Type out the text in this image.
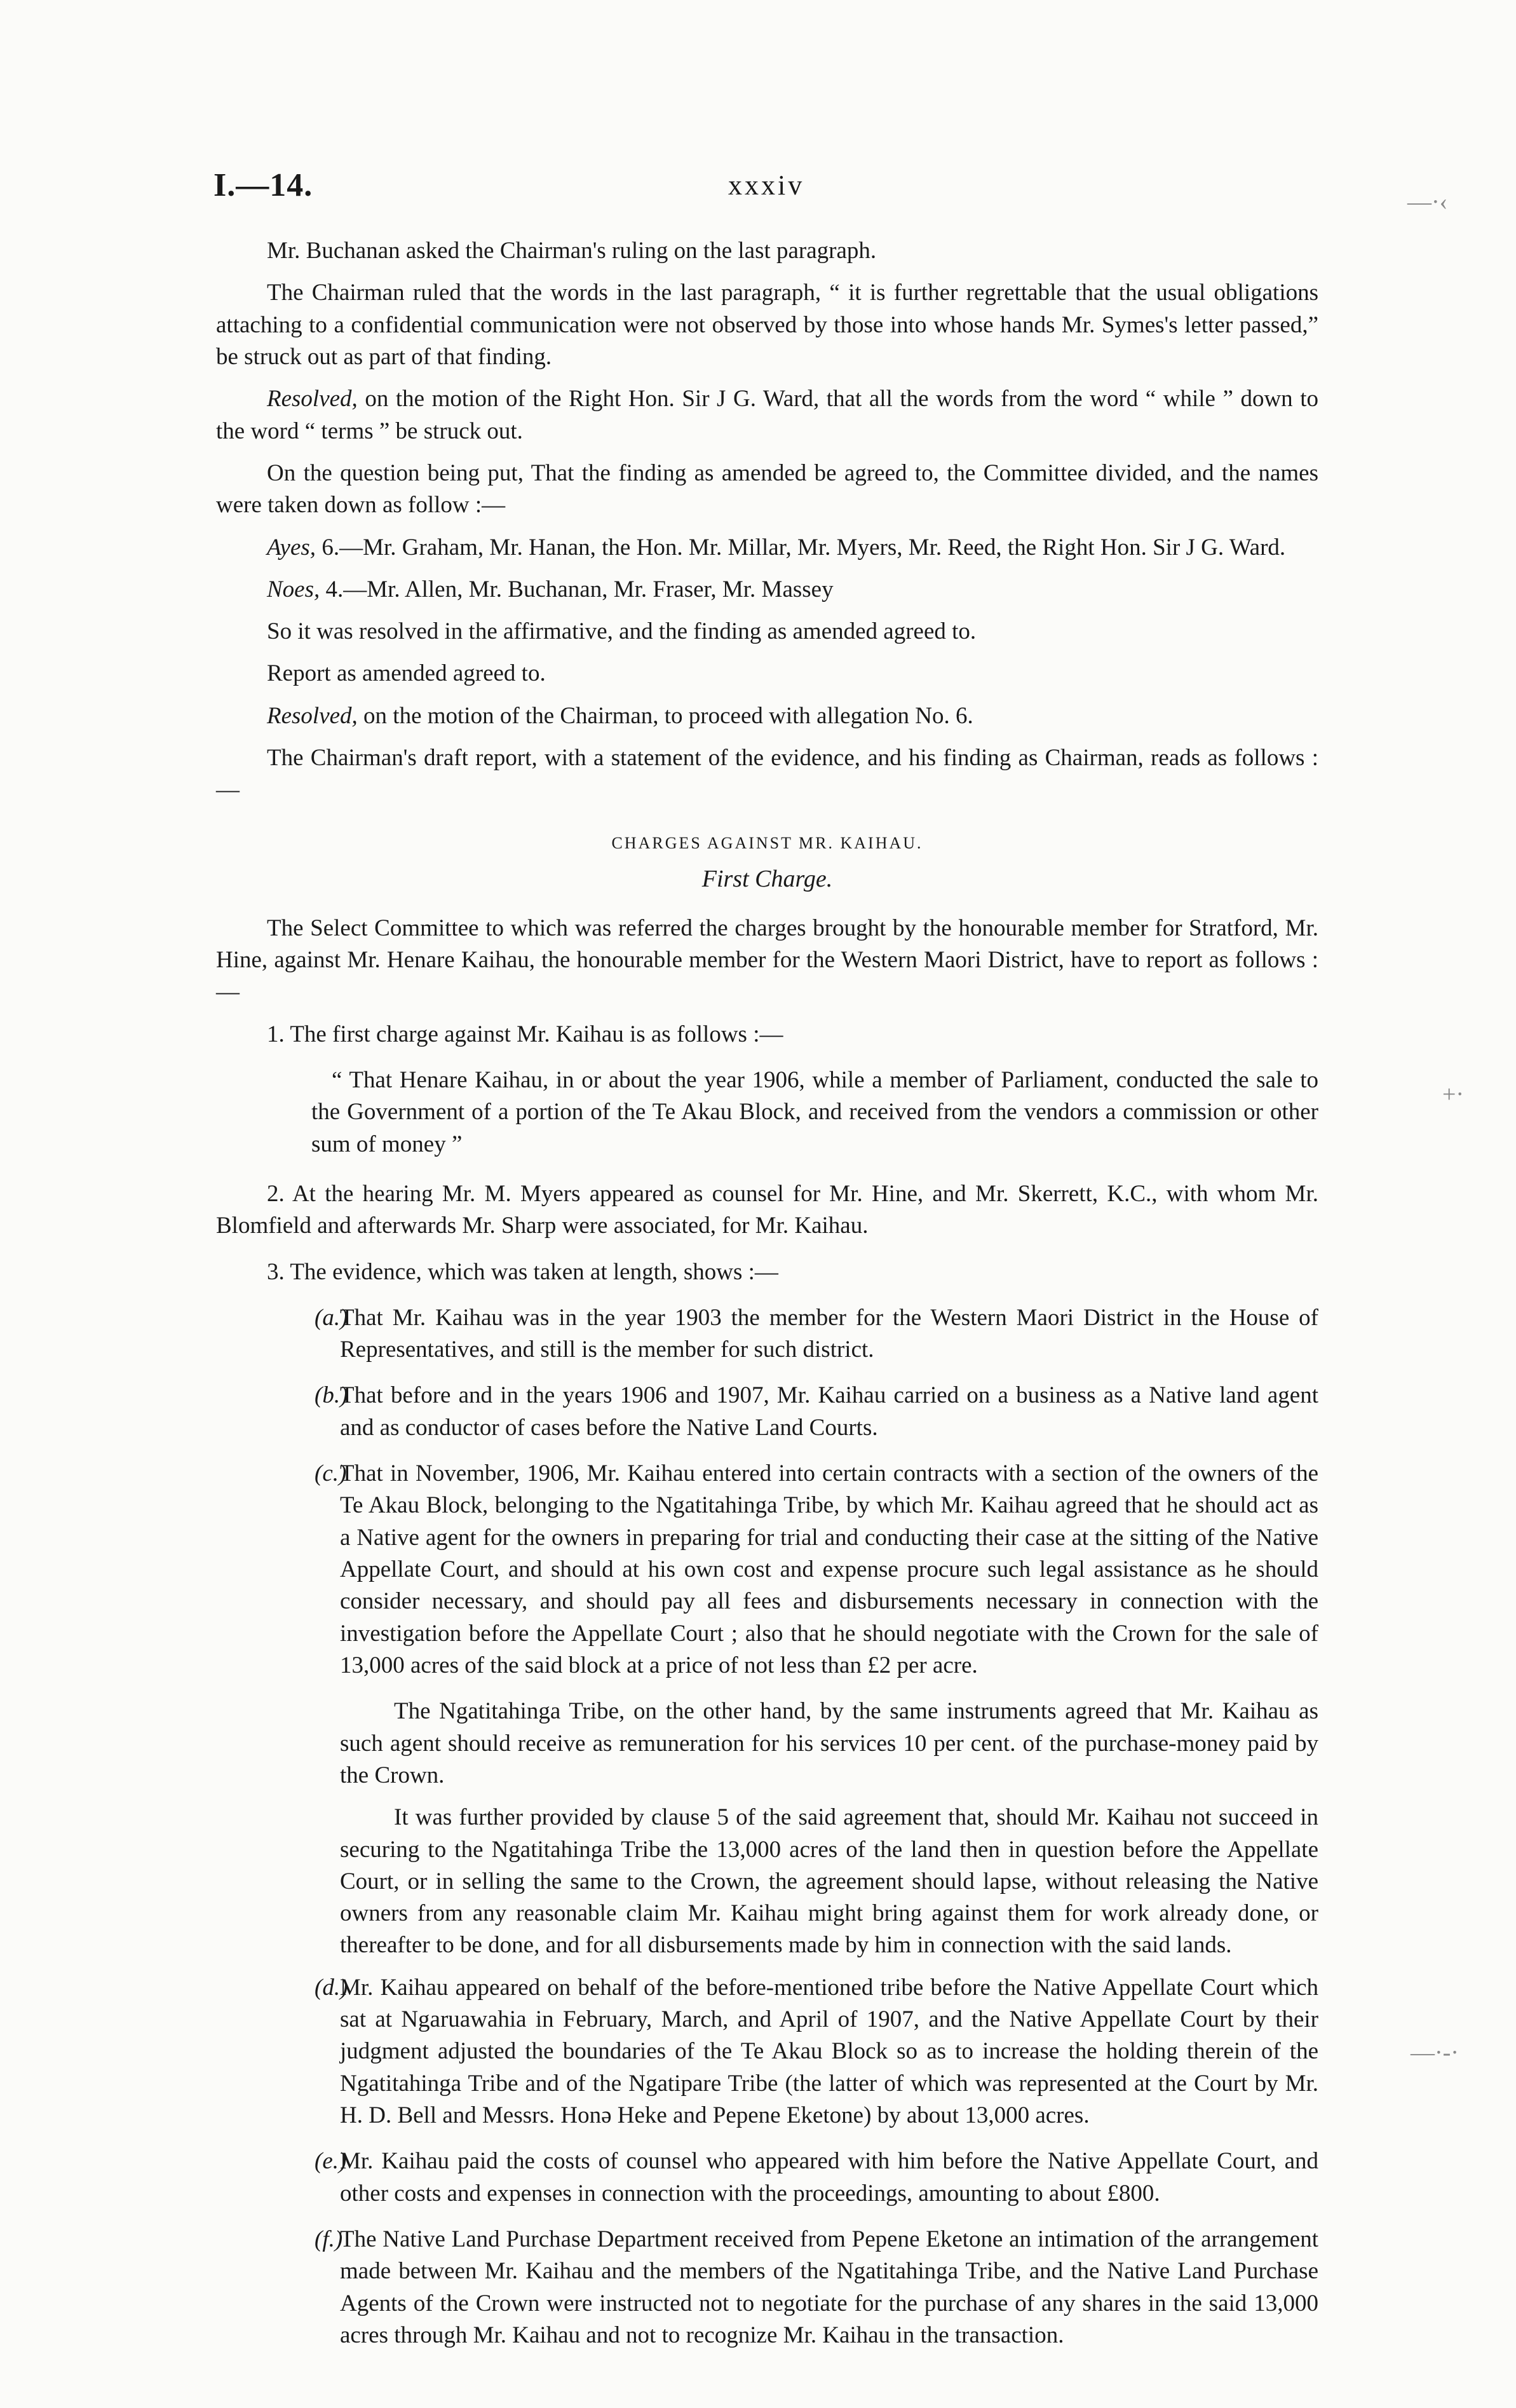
I.—14.	xxxiv
—·‹
+·
—·-·

Mr. Buchanan asked the Chairman's ruling on the last paragraph.

The Chairman ruled that the words in the last paragraph, “ it is further regrettable that the usual obligations attaching to a confidential communication were not observed by those into whose hands Mr. Symes's letter passed,” be struck out as part of that finding.

Resolved, on the motion of the Right Hon. Sir J G. Ward, that all the words from the word “ while ” down to the word “ terms ” be struck out.

On the question being put, That the finding as amended be agreed to, the Committee divided, and the names were taken down as follow :—

Ayes, 6.—Mr. Graham, Mr. Hanan, the Hon. Mr. Millar, Mr. Myers, Mr. Reed, the Right Hon. Sir J G. Ward.

Noes, 4.—Mr. Allen, Mr. Buchanan, Mr. Fraser, Mr. Massey

So it was resolved in the affirmative, and the finding as amended agreed to.

Report as amended agreed to.

Resolved, on the motion of the Chairman, to proceed with allegation No. 6.

The Chairman's draft report, with a statement of the evidence, and his finding as Chairman, reads as follows :—

CHARGES AGAINST MR. KAIHAU.
First Charge.

The Select Committee to which was referred the charges brought by the honourable member for Stratford, Mr. Hine, against Mr. Henare Kaihau, the honourable member for the Western Maori District, have to report as follows :—

1. The first charge against Mr. Kaihau is as follows :—

“ That Henare Kaihau, in or about the year 1906, while a member of Parliament, conducted the sale to the Government of a portion of the Te Akau Block, and received from the vendors a commission or other sum of money ”

2. At the hearing Mr. M. Myers appeared as counsel for Mr. Hine, and Mr. Skerrett, K.C., with whom Mr. Blomfield and afterwards Mr. Sharp were associated, for Mr. Kaihau.

3. The evidence, which was taken at length, shows :—

(a.)
That Mr. Kaihau was in the year 1903 the member for the Western Maori District in the House of Representatives, and still is the member for such district.
(b.)
That before and in the years 1906 and 1907, Mr. Kaihau carried on a business as a Native land agent and as conductor of cases before the Native Land Courts.
(c.)
That in November, 1906, Mr. Kaihau entered into certain contracts with a section of the owners of the Te Akau Block, belonging to the Ngatitahinga Tribe, by which Mr. Kaihau agreed that he should act as a Native agent for the owners in preparing for trial and conducting their case at the sitting of the Native Appellate Court, and should at his own cost and expense procure such legal assistance as he should consider necessary, and should pay all fees and disbursements necessary in connection with the investigation before the Appellate Court ; also that he should negotiate with the Crown for the sale of 13,000 acres of the said block at a price of not less than £2 per acre.

The Ngatitahinga Tribe, on the other hand, by the same instruments agreed that Mr. Kaihau as such agent should receive as remuneration for his services 10 per cent. of the purchase-money paid by the Crown.

It was further provided by clause 5 of the said agreement that, should Mr. Kaihau not succeed in securing to the Ngatitahinga Tribe the 13,000 acres of the land then in question before the Appellate Court, or in selling the same to the Crown, the agreement should lapse, without releasing the Native owners from any reasonable claim Mr. Kaihau might bring against them for work already done, or thereafter to be done, and for all disbursements made by him in connection with the said lands.

(d.)
Mr. Kaihau appeared on behalf of the before-mentioned tribe before the Native Appellate Court which sat at Ngaruawahia in February, March, and April of 1907, and the Native Appellate Court by their judgment adjusted the boundaries of the Te Akau Block so as to increase the holding therein of the Ngatitahinga Tribe and of the Ngatipare Tribe (the latter of which was represented at the Court by Mr. H. D. Bell and Messrs. Honə Heke and Pepene Eketone) by about 13,000 acres.
(e.)
Mr. Kaihau paid the costs of counsel who appeared with him before the Native Appellate Court, and other costs and expenses in connection with the proceedings, amounting to about £800.
(f.)
The Native Land Purchase Department received from Pepene Eketone an intimation of the arrangement made between Mr. Kaihau and the members of the Ngatitahinga Tribe, and the Native Land Purchase Agents of the Crown were instructed not to negotiate for the purchase of any shares in the said 13,000 acres through Mr. Kaihau and not to recognize Mr. Kaihau in the transaction.
